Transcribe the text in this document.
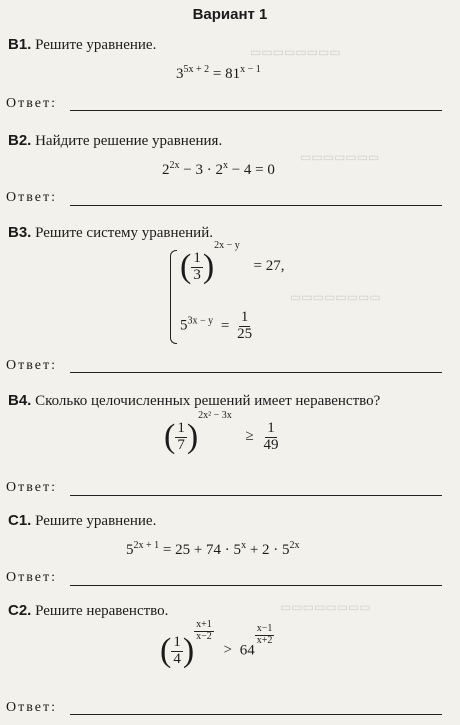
▭▭▭▭▭▭▭▭
▭▭▭▭▭▭▭
▭▭▭▭▭▭▭▭
▭▭▭▭▭▭▭▭
Вариант 1
B1. Решите уравнение.
$3^{5x + 2} = 81^{x - 1}$
Ответ:
B2. Найдите решение уравнения.
$2^{2x} - 3 \cdot 2^x - 4 = 0$
Ответ:
B3. Решите систему уравнений.
( $\frac{1}{3} )^{2x - y} = 27$,
$5^{3x - y} = \frac{1}{25}$
Ответ:
B4. Сколько целочисленных решений имеет неравенство?
( $\frac{1}{7} )^{2x^2 - 3x} \ge \frac{1}{49}$
Ответ:
C1. Решите уравнение.
$5^{2x + 1} = 25 + 74 \cdot 5^x + 2 \cdot 5^{2x}$
Ответ:
C2. Решите неравенство.
( $\frac{1}{4}$ )
$\frac{x+1}{x-2}$
> 64
$\frac{x-1}{x+2}$
Ответ:
